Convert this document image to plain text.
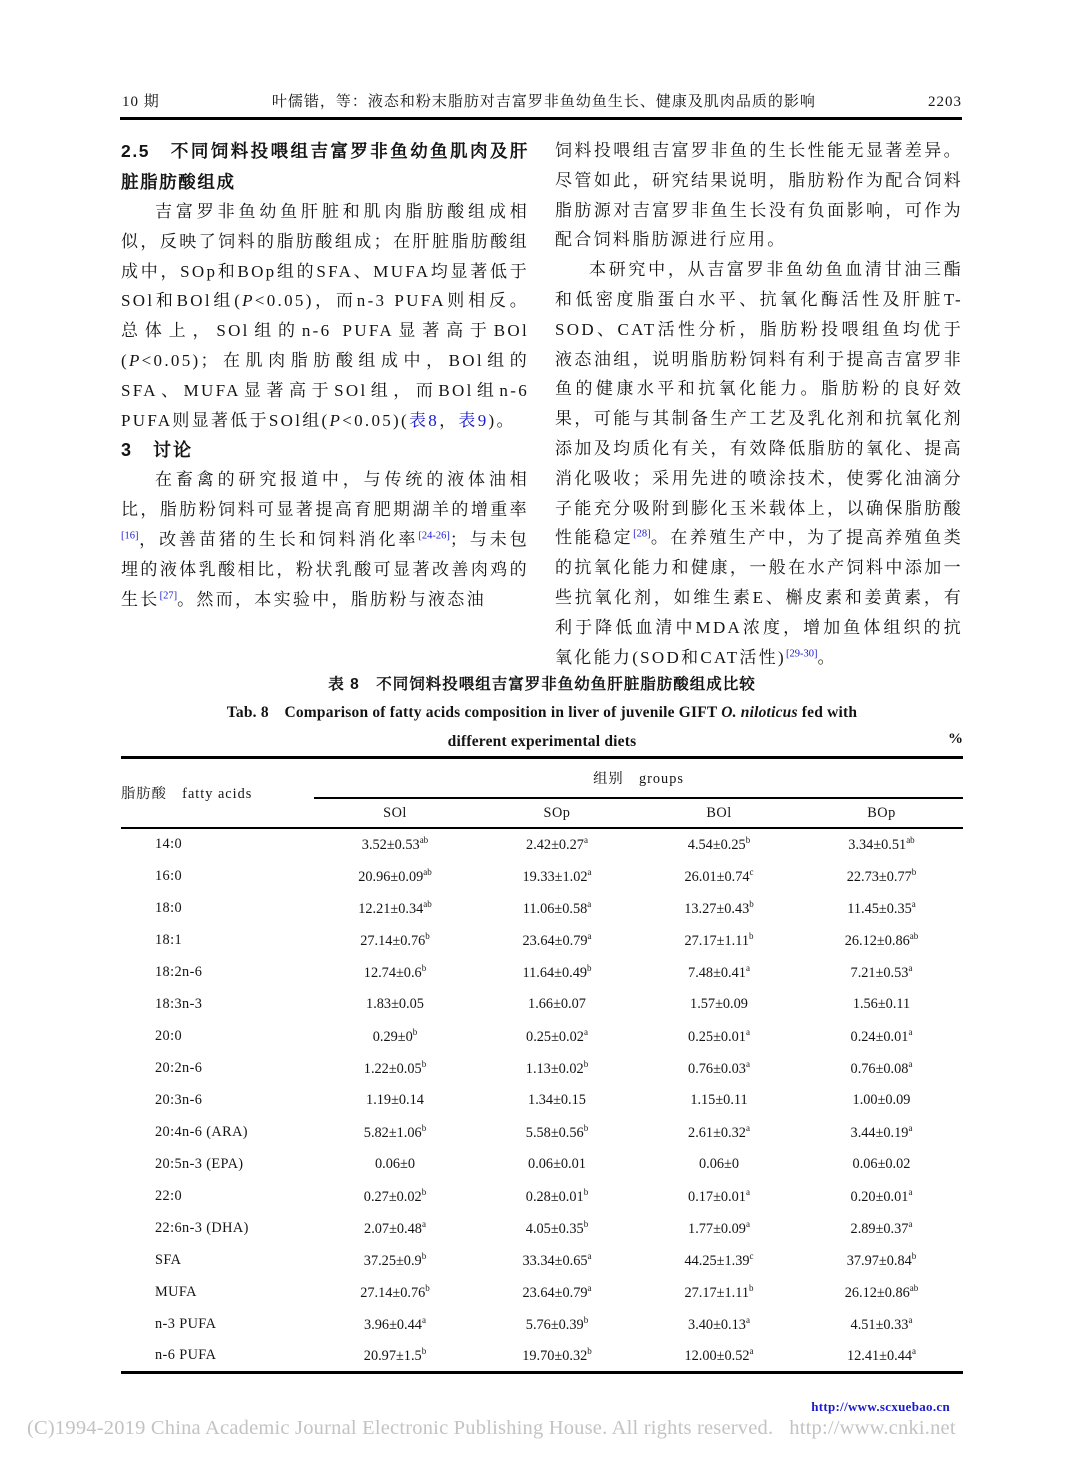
10 期	叶儒锴，等：液态和粉末脂肪对吉富罗非鱼幼鱼生长、健康及肌肉品质的影响	2203

2.5　不同饲料投喂组吉富罗非鱼幼鱼肌肉及肝脏脂肪酸组成

吉富罗非鱼幼鱼肝脏和肌肉脂肪酸组成相似，反映了饲料的脂肪酸组成；在肝脏脂肪酸组成中，SOp和BOp组的SFA、MUFA均显著低于SOl和BOl组(P<0.05)，而n-3 PUFA则相反。总体上，SOl组的n-6 PUFA显著高于BOl (P<0.05)；在肌肉脂肪酸组成中，BOl组的SFA、MUFA显著高于SOl组，而BOl组n-6 PUFA则显著低于SOl组(P<0.05)(表8，表9)。

3　讨论

在畜禽的研究报道中，与传统的液体油相比，脂肪粉饲料可显著提高育肥期湖羊的增重率[16]，改善苗猪的生长和饲料消化率[24-26]；与未包埋的液体乳酸相比，粉状乳酸可显著改善肉鸡的生长[27]。然而，本实验中，脂肪粉与液态油

饲料投喂组吉富罗非鱼的生长性能无显著差异。尽管如此，研究结果说明，脂肪粉作为配合饲料脂肪源对吉富罗非鱼生长没有负面影响，可作为配合饲料脂肪源进行应用。

本研究中，从吉富罗非鱼幼鱼血清甘油三酯和低密度脂蛋白水平、抗氧化酶活性及肝脏T-SOD、CAT活性分析，脂肪粉投喂组鱼均优于液态油组，说明脂肪粉饲料有利于提高吉富罗非鱼的健康水平和抗氧化能力。脂肪粉的良好效果，可能与其制备生产工艺及乳化剂和抗氧化剂添加及均质化有关，有效降低脂肪的氧化、提高消化吸收；采用先进的喷涂技术，使雾化油滴分子能充分吸附到膨化玉米载体上，以确保脂肪酸性能稳定[28]。在养殖生产中，为了提高养殖鱼类的抗氧化能力和健康，一般在水产饲料中添加一些抗氧化剂，如维生素E、槲皮素和姜黄素，有利于降低血清中MDA浓度，增加鱼体组织的抗氧化能力(SOD和CAT活性)[29-30]。

表 8　不同饲料投喂组吉富罗非鱼幼鱼肝脏脂肪酸组成比较
Tab. 8　Comparison of fatty acids composition in liver of juvenile GIFT O. niloticus fed with
different experimental diets	%
脂肪酸　fatty acids	组别　groups			
	SOl	SOp	BOl	BOp
14:0	3.52±0.53$^{ab}$	2.42±0.27$^a$	4.54±0.25$^b$	3.34±0.51$^{ab}$
16:0	20.96±0.09$^{ab}$	19.33±1.02$^a$	26.01±0.74$^c$	22.73±0.77$^b$
18:0	12.21±0.34$^{ab}$	11.06±0.58$^a$	13.27±0.43$^b$	11.45±0.35$^a$
18:1	27.14±0.76$^b$	23.64±0.79$^a$	27.17±1.11$^b$	26.12±0.86$^{ab}$
18:2n-6	12.74±0.6$^b$	11.64±0.49$^b$	7.48±0.41$^a$	7.21±0.53$^a$
18:3n-3	1.83±0.05	1.66±0.07	1.57±0.09	1.56±0.11
20:0	$0.29\pm 0^b$	0.25±0.02$^a$	0.25±0.01$^a$	0.24±0.01$^a$
20:2n-6	1.22±0.05$^b$	1.13±0.02$^b$	0.76±0.03$^a$	0.76±0.08$^a$
20:3n-6	1.19±0.14	1.34±0.15	1.15±0.11	1.00±0.09
20:4n-6 (ARA)	5.82±1.06$^b$	5.58±0.56$^b$	2.61±0.32$^a$	3.44±0.19$^a$
20:5n-3 (EPA)	0.06±0	0.06±0.01	0.06±0	0.06±0.02
22:0	0.27±0.02$^b$	0.28±0.01$^b$	0.17±0.01$^a$	0.20±0.01$^a$
22:6n-3 (DHA)	2.07±0.48$^a$	4.05±0.35$^b$	1.77±0.09$^a$	2.89±0.37$^a$
SFA	37.25±0.9$^b$	33.34±0.65$^a$	44.25±1.39$^c$	37.97±0.84$^b$
MUFA	27.14±0.76$^b$	23.64±0.79$^a$	27.17±1.11$^b$	26.12±0.86$^{ab}$
n-3 PUFA	3.96±0.44$^a$	5.76±0.39$^b$	3.40±0.13$^a$	4.51±0.33$^a$
n-6 PUFA	20.97±1.5$^b$	19.70±0.32$^b$	12.00±0.52$^a$	12.41±0.44$^a$
http://www.scxuebao.cn
(C)1994-2019 China Academic Journal Electronic Publishing House. All rights reserved.   http://www.cnki.net
